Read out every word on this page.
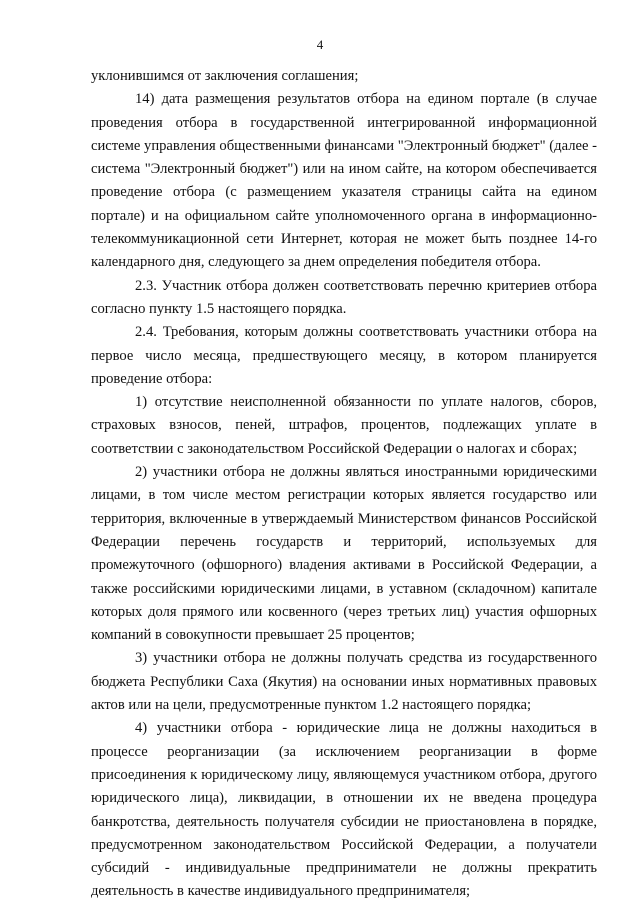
4

уклонившимся от заключения соглашения;

14) дата размещения результатов отбора на едином портале (в случае проведения отбора в государственной интегрированной информационной системе управления общественными финансами "Электронный бюджет" (далее - система "Электронный бюджет") или на ином сайте, на котором обеспечивается проведение отбора (с размещением указателя страницы сайта на едином портале) и на официальном сайте уполномоченного органа в информационно-телекоммуникационной сети Интернет, которая не может быть позднее 14-го календарного дня, следующего за днем определения победителя отбора.

2.3. Участник отбора должен соответствовать перечню критериев отбора согласно пункту 1.5 настоящего порядка.

2.4. Требования, которым должны соответствовать участники отбора на первое число месяца, предшествующего месяцу, в котором планируется проведение отбора:

1) отсутствие неисполненной обязанности по уплате налогов, сборов, страховых взносов, пеней, штрафов, процентов, подлежащих уплате в соответствии с законодательством Российской Федерации о налогах и сборах;

2) участники отбора не должны являться иностранными юридическими лицами, в том числе местом регистрации которых является государство или территория, включенные в утверждаемый Министерством финансов Российской Федерации перечень государств и территорий, используемых для промежуточного (офшорного) владения активами в Российской Федерации, а также российскими юридическими лицами, в уставном (складочном) капитале которых доля прямого или косвенного (через третьих лиц) участия офшорных компаний в совокупности превышает 25 процентов;

3) участники отбора не должны получать средства из государственного бюджета Республики Саха (Якутия) на основании иных нормативных правовых актов или на цели, предусмотренные пунктом 1.2 настоящего порядка;

4) участники отбора - юридические лица не должны находиться в процессе реорганизации (за исключением реорганизации в форме присоединения к юридическому лицу, являющемуся участником отбора, другого юридического лица), ликвидации, в отношении их не введена процедура банкротства, деятельность получателя субсидии не приостановлена в порядке, предусмотренном законодательством Российской Федерации, а получатели субсидий - индивидуальные предприниматели не должны прекратить деятельность в качестве индивидуального предпринимателя;
